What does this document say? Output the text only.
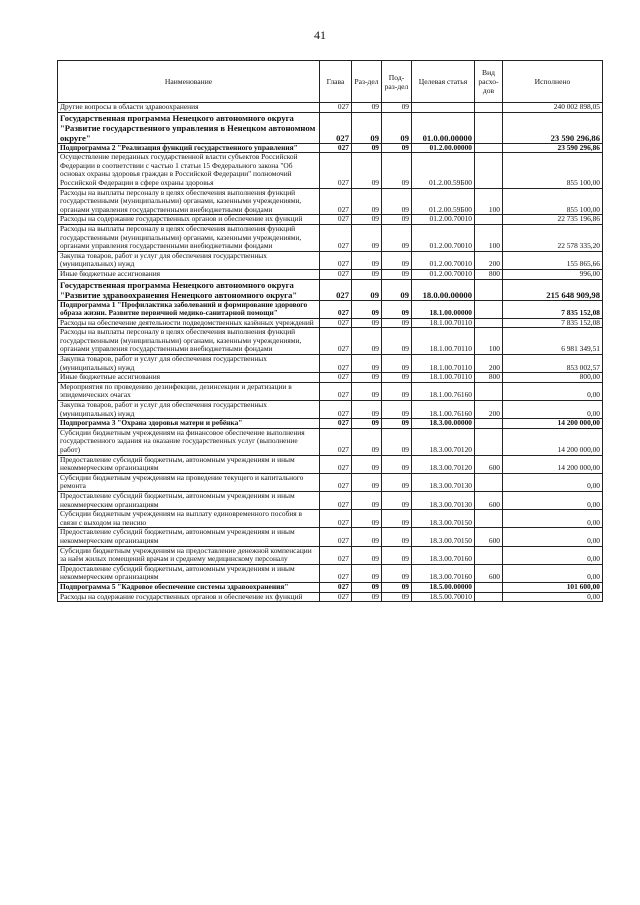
41
Наименование	Глава	Раз-дел	Под-раз-дел	Целевая статья	Вид расхо-дов	Исполнено
Другие вопросы в области здравоохранения	027	09	09			240 002 898,05
Государственная программа Ненецкого автономного округа "Развитие государственного управления в Ненецком автономном округе"	027	09	09	01.0.00.00000		23 590 296,86
Подпрограмма 2 "Реализация функций государственного управления"	027	09	09	01.2.00.00000		23 590 296,86
Осуществление переданных государственной власти субъектов Российской Федерации в соответствии с частью 1 статьи 15 Федерального закона "Об основах охраны здоровья граждан в Российской Федерации" полномочий Российской Федерации в сфере охраны здоровья	027	09	09	01.2.00.59Б00		855 100,00
Расходы на выплаты персоналу в целях обеспечения выполнения функций государственными (муниципальными) органами, казенными учреждениями, органами управления государственными внебюджетными фондами	027	09	09	01.2.00.59Б00	100	855 100,00
Расходы на содержание государственных органов и обеспечение их функций	027	09	09	01.2.00.70010		22 735 196,86
Расходы на выплаты персоналу в целях обеспечения выполнения функций государственными (муниципальными) органами, казенными учреждениями, органами управления государственными внебюджетными фондами	027	09	09	01.2.00.70010	100	22 578 335,20
Закупка товаров, работ и услуг для обеспечения государственных (муниципальных) нужд	027	09	09	01.2.00.70010	200	155 865,66
Иные бюджетные ассигнования	027	09	09	01.2.00.70010	800	996,00
Государственная программа Ненецкого автономного округа "Развитие здравоохранения Ненецкого автономного округа"	027	09	09	18.0.00.00000		215 648 909,98
Подпрограмма 1 "Профилактика заболеваний и формирование здорового образа жизни. Развитие первичной медико-санитарной помощи"	027	09	09	18.1.00.00000		7 835 152,08
Расходы на обеспечение деятельности подведомственных казённых учреждений	027	09	09	18.1.00.70110		7 835 152,08
Расходы на выплаты персоналу в целях обеспечения выполнения функций государственными (муниципальными) органами, казенными учреждениями, органами управления государственными внебюджетными фондами	027	09	09	18.1.00.70110	100	6 981 349,51
Закупка товаров, работ и услуг для обеспечения государственных (муниципальных) нужд	027	09	09	18.1.00.70110	200	853 002,57
Иные бюджетные ассигнования	027	09	09	18.1.00.70110	800	800,00
Мероприятия по проведению дезинфекции, дезинсекции и дератизации в эпидемических очагах	027	09	09	18.1.00.76160		0,00
Закупка товаров, работ и услуг для обеспечения государственных (муниципальных) нужд	027	09	09	18.1.00.76160	200	0,00
Подпрограмма 3 "Охрана здоровья матери и ребёнка"	027	09	09	18.3.00.00000		14 200 000,00
Субсидии бюджетным учреждениям на финансовое обеспечение выполнения государственного задания на оказание государственных услуг (выполнение работ)	027	09	09	18.3.00.70120		14 200 000,00
Предоставление субсидий бюджетным, автономным учреждениям и иным некоммерческим организациям	027	09	09	18.3.00.70120	600	14 200 000,00
Субсидии бюджетным учреждениям на проведение текущего и капитального ремонта	027	09	09	18.3.00.70130		0,00
Предоставление субсидий бюджетным, автономным учреждениям и иным некоммерческим организациям	027	09	09	18.3.00.70130	600	0,00
Субсидии бюджетным учреждениям на выплату единовременного пособия в связи с выходом на пенсию	027	09	09	18.3.00.70150		0,00
Предоставление субсидий бюджетным, автономным учреждениям и иным некоммерческим организациям	027	09	09	18.3.00.70150	600	0,00
Субсидии бюджетным учреждениям на предоставление денежной компенсации за наём жилых помещений врачам и среднему медицинскому персоналу	027	09	09	18.3.00.70160		0,00
Предоставление субсидий бюджетным, автономным учреждениям и иным некоммерческим организациям	027	09	09	18.3.00.70160	600	0,00
Подпрограмма 5 "Кадровое обеспечение системы здравоохранения"	027	09	09	18.5.00.00000		101 600,00
Расходы на содержание государственных органов и обеспечение их функций	027	09	09	18.5.00.70010		0,00
